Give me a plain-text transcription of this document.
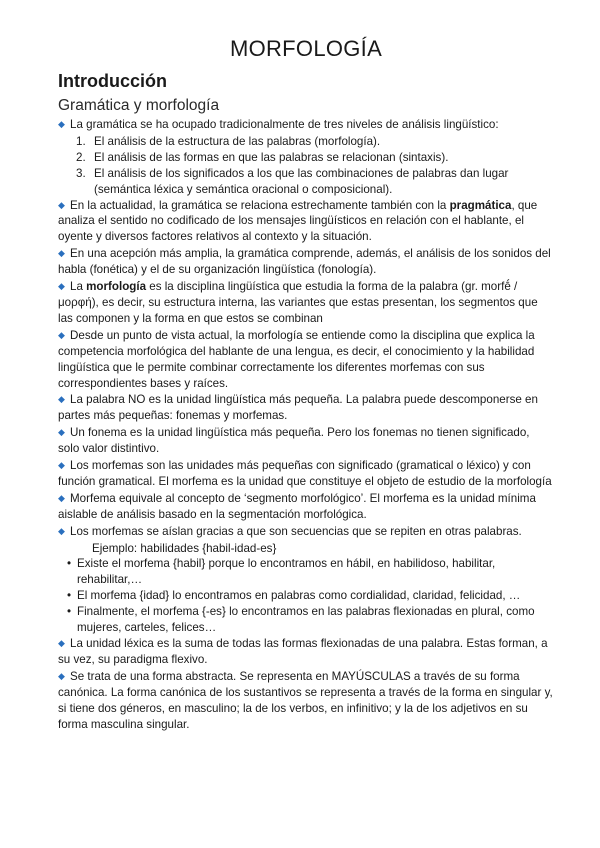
MORFOLOGÍA
Introducción
Gramática y morfología
◆ La gramática se ha ocupado tradicionalmente de tres niveles de análisis lingüístico:
1. El análisis de la estructura de las palabras (morfología).
2. El análisis de las formas en que las palabras se relacionan (sintaxis).
3. El análisis de los significados a los que las combinaciones de palabras dan lugar (semántica léxica y semántica oracional o composicional).
◆ En la actualidad, la gramática se relaciona estrechamente también con la pragmática, que analiza el sentido no codificado de los mensajes lingüísticos en relación con el hablante, el oyente y diversos factores relativos al contexto y la situación.
◆ En una acepción más amplia, la gramática comprende, además, el análisis de los sonidos del habla (fonética) y el de su organización lingüística (fonología).
◆ La morfología es la disciplina lingüística que estudia la forma de la palabra (gr. morfḗ / μορφή), es decir, su estructura interna, las variantes que estas presentan, los segmentos que las componen y la forma en que estos se combinan
◆ Desde un punto de vista actual, la morfología se entiende como la disciplina que explica la competencia morfológica del hablante de una lengua, es decir, el conocimiento y la habilidad lingüística que le permite combinar correctamente los diferentes morfemas con sus correspondientes bases y raíces.
◆ La palabra NO es la unidad lingüística más pequeña. La palabra puede descomponerse en partes más pequeñas: fonemas y morfemas.
◆ Un fonema es la unidad lingüística más pequeña. Pero los fonemas no tienen significado, solo valor distintivo.
◆ Los morfemas son las unidades más pequeñas con significado (gramatical o léxico) y con función gramatical. El morfema es la unidad que constituye el objeto de estudio de la morfología
◆ Morfema equivale al concepto de ‘segmento morfológico’. El morfema es la unidad mínima aislable de análisis basado en la segmentación morfológica.
◆ Los morfemas se aíslan gracias a que son secuencias que se repiten en otras palabras.
Ejemplo: habilidades {habil-idad-es}
• Existe el morfema {habil} porque lo encontramos en hábil, en habilidoso, habilitar, rehabilitar,…
• El morfema {idad} lo encontramos en palabras como cordialidad, claridad, felicidad, …
• Finalmente, el morfema {-es} lo encontramos en las palabras flexionadas en plural, como mujeres, carteles, felices…
◆ La unidad léxica es la suma de todas las formas flexionadas de una palabra. Estas forman, a su vez, su paradigma flexivo.
◆ Se trata de una forma abstracta. Se representa en MAYÚSCULAS a través de su forma canónica. La forma canónica de los sustantivos se representa a través de la forma en singular y, si tiene dos géneros, en masculino; la de los verbos, en infinitivo; y la de los adjetivos en su forma masculina singular.
